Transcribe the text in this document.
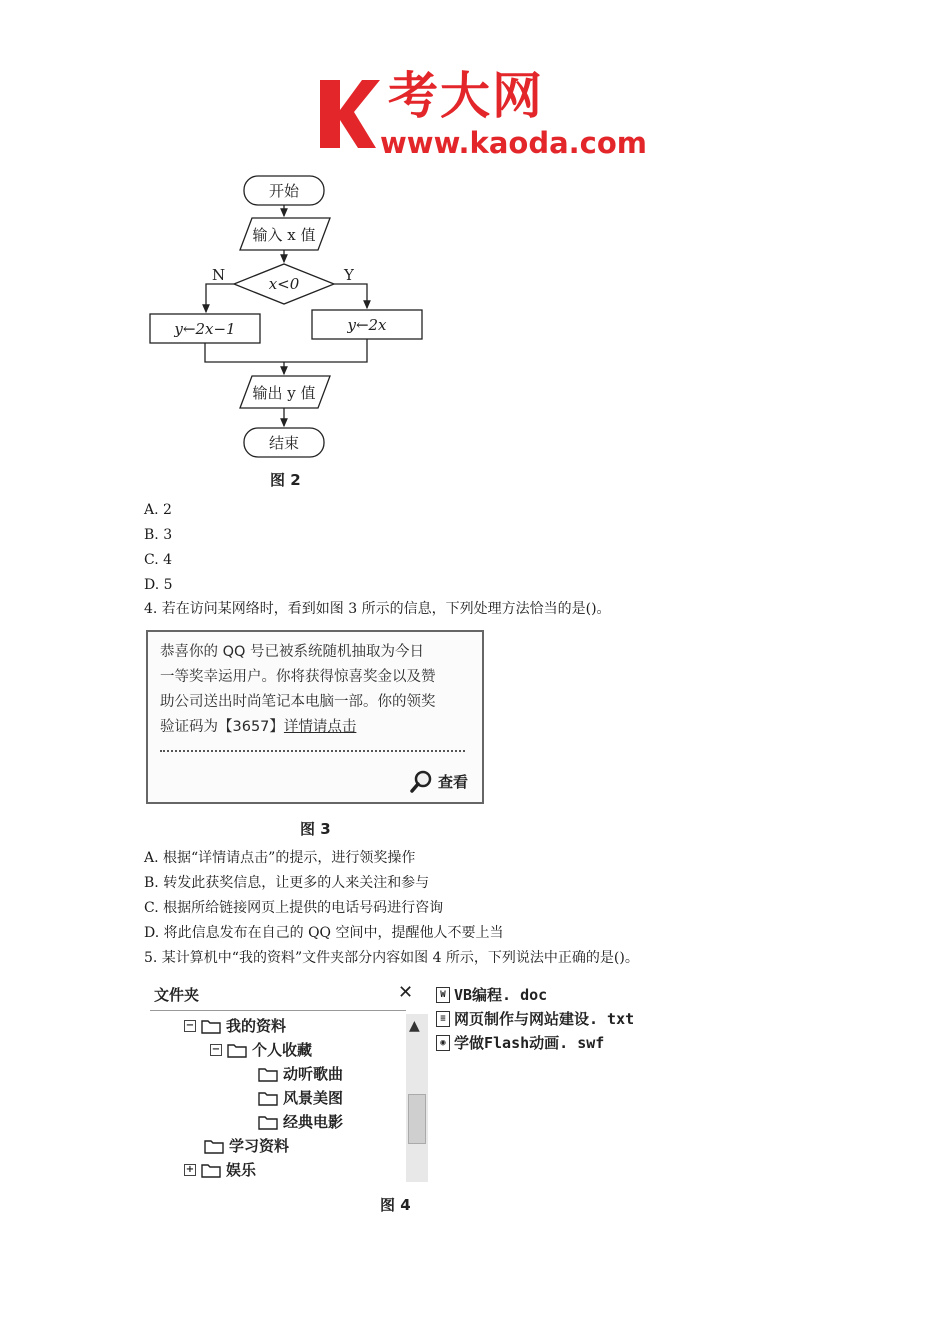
考大网
www.kaoda.com
开始
输入 x 值
x<0
N	Y
y←2x−1	y←2x
输出 y 值
结束
图 2
A. 2
B. 3
C. 4
D. 5
4. 若在访问某网络时，看到如图 3 所示的信息，下列处理方法恰当的是()。
恭喜你的 QQ 号已被系统随机抽取为今日
一等奖幸运用户。你将获得惊喜奖金以及赞
助公司送出时尚笔记本电脑一部。你的领奖
验证码为【3657】详情请点击
查看
图 3
A. 根据“详情请点击”的提示，进行领奖操作
B. 转发此获奖信息，让更多的人来关注和参与
C. 根据所给链接网页上提供的电话号码进行咨询
D. 将此信息发布在自己的 QQ 空间中，提醒他人不要上当
5. 某计算机中“我的资料”文件夹部分内容如图 4 所示，下列说法中正确的是()。
文件夹	✕
− 我的资料
− 个人收藏
动听歌曲
风景美图
经典电影
学习资料
+ 娱乐
▲
W VB编程. doc
≡ 网页制作与网站建设. txt
◉ 学做Flash动画. swf
图 4
